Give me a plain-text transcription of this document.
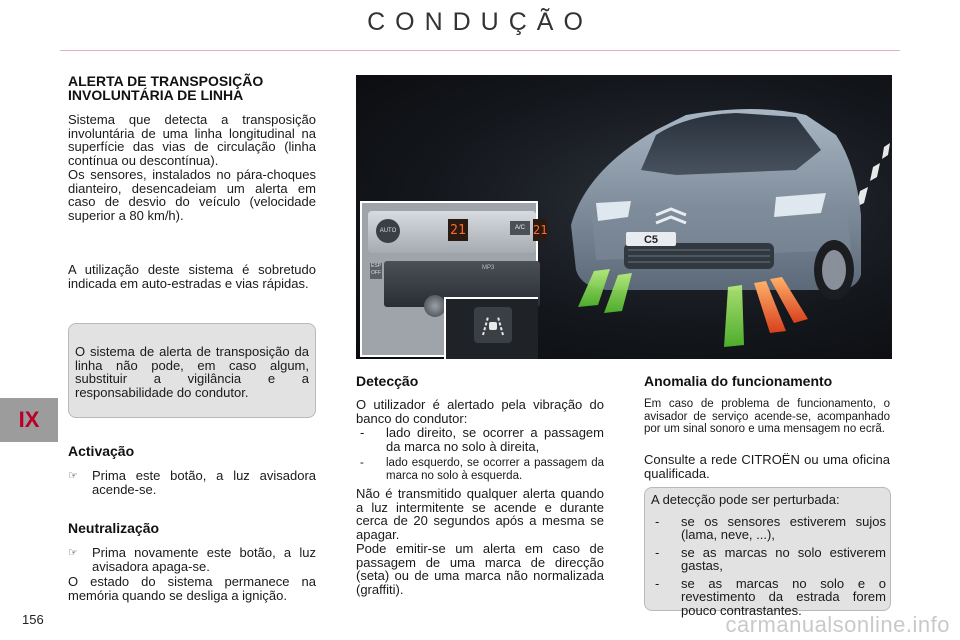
CONDUÇÃO
IX
156
ALERTA DE TRANSPOSIÇÃO
INVOLUNTÁRIA DE LINHA
Sistema que detecta a transposição involuntária de uma linha longitudinal na superfície das vias de circulação (linha contínua ou descontínua).
Os sensores, instalados no pára-choques dianteiro, desencadeiam um alerta em caso de desvio do veículo (velocidade superior a 80 km/h).
A utilização deste sistema é sobretudo indicada em auto-estradas e vias rápidas.
O sistema de alerta de transposição da linha não pode, em caso algum, substituir a vigilância e a responsabilidade do condutor.
Activação
☞	Prima este botão, a luz avisadora acende-se.
Neutralização
☞	Prima novamente este botão, a luz avisadora apaga-se.
O estado do sistema permanece na memória quando se desliga a ignição.
C5
AUTO	21	A/C 21
MP3
ESP
OFF
Detecção
O utilizador é alertado pela vibração do banco do condutor:
-	lado direito, se ocorrer a passagem da marca no solo à direita,
-	lado esquerdo, se ocorrer a passagem da marca no solo à esquerda.
Não é transmitido qualquer alerta quando a luz intermitente se acende e durante cerca de 20 segundos após a mesma se apagar.
Pode emitir-se um alerta em caso de passagem de uma marca de direcção (seta) ou de uma marca não normalizada (graffiti).
Anomalia do funcionamento
Em caso de problema de funcionamento, o avisador de serviço acende-se, acompanhado por um sinal sonoro e uma mensagem no ecrã.
Consulte a rede CITROËN ou uma oficina qualificada.
A detecção pode ser perturbada:
-	se os sensores estiverem sujos (lama, neve, ...),
-	se as marcas no solo estiverem gastas,
-	se as marcas no solo e o revestimento da estrada forem pouco contrastantes.
carmanualsonline.info
